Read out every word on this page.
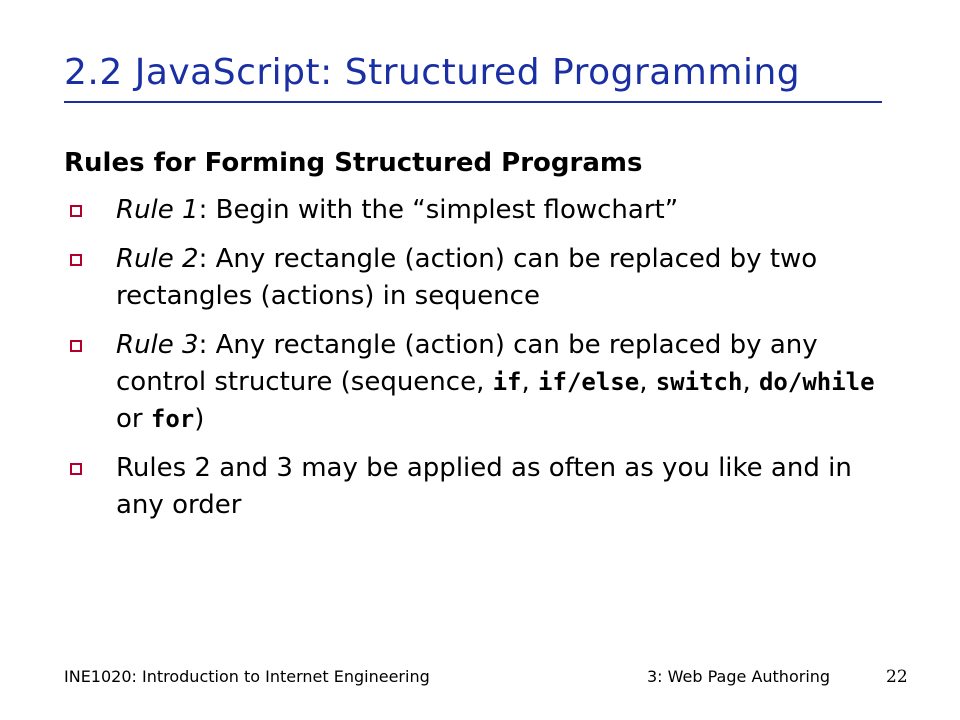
2.2 JavaScript: Structured Programming
Rules for Forming Structured Programs
Rule 1: Begin with the “simplest flowchart”
Rule 2: Any rectangle (action) can be replaced by two rectangles (actions) in sequence
Rule 3: Any rectangle (action) can be replaced by any control structure (sequence, if, if/else, switch, do/while or for)
Rules 2 and 3 may be applied as often as you like and in any order
INE1020: Introduction to Internet Engineering	3: Web Page Authoring	22
